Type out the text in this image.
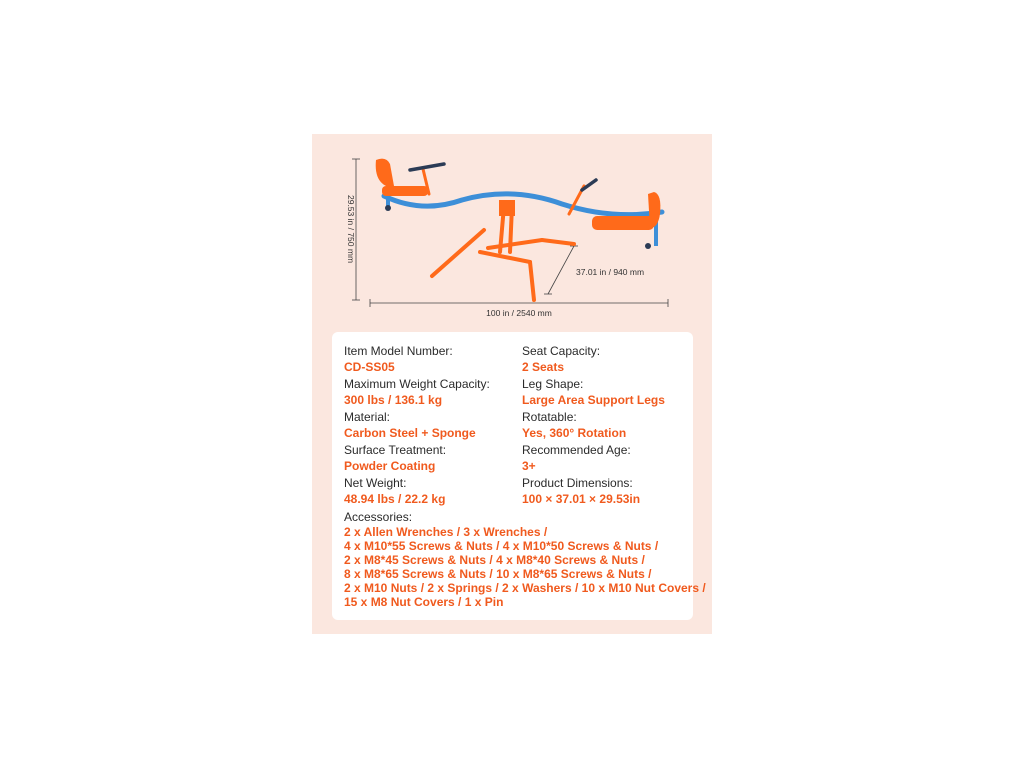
29.53 in / 750 mm
100 in / 2540 mm
37.01 in / 940 mm
Item Model Number:
CD-SS05
Seat Capacity:
2 Seats
Maximum Weight Capacity:
300 lbs / 136.1 kg
Leg Shape:
Large Area Support Legs
Material:
Carbon Steel + Sponge
Rotatable:
Yes, 360° Rotation
Surface Treatment:
Powder Coating
Recommended Age:
3+
Net Weight:
48.94 lbs / 22.2 kg
Product Dimensions:
100 × 37.01 × 29.53in
Accessories:
2 x Allen Wrenches / 3 x Wrenches /
4 x M10*55 Screws & Nuts / 4 x M10*50 Screws & Nuts /
2 x M8*45 Screws & Nuts / 4 x M8*40 Screws & Nuts /
8 x M8*65 Screws & Nuts / 10 x M8*65 Screws & Nuts /
2 x M10 Nuts / 2 x Springs / 2 x Washers / 10 x M10 Nut Covers /
15 x M8 Nut Covers / 1 x Pin
